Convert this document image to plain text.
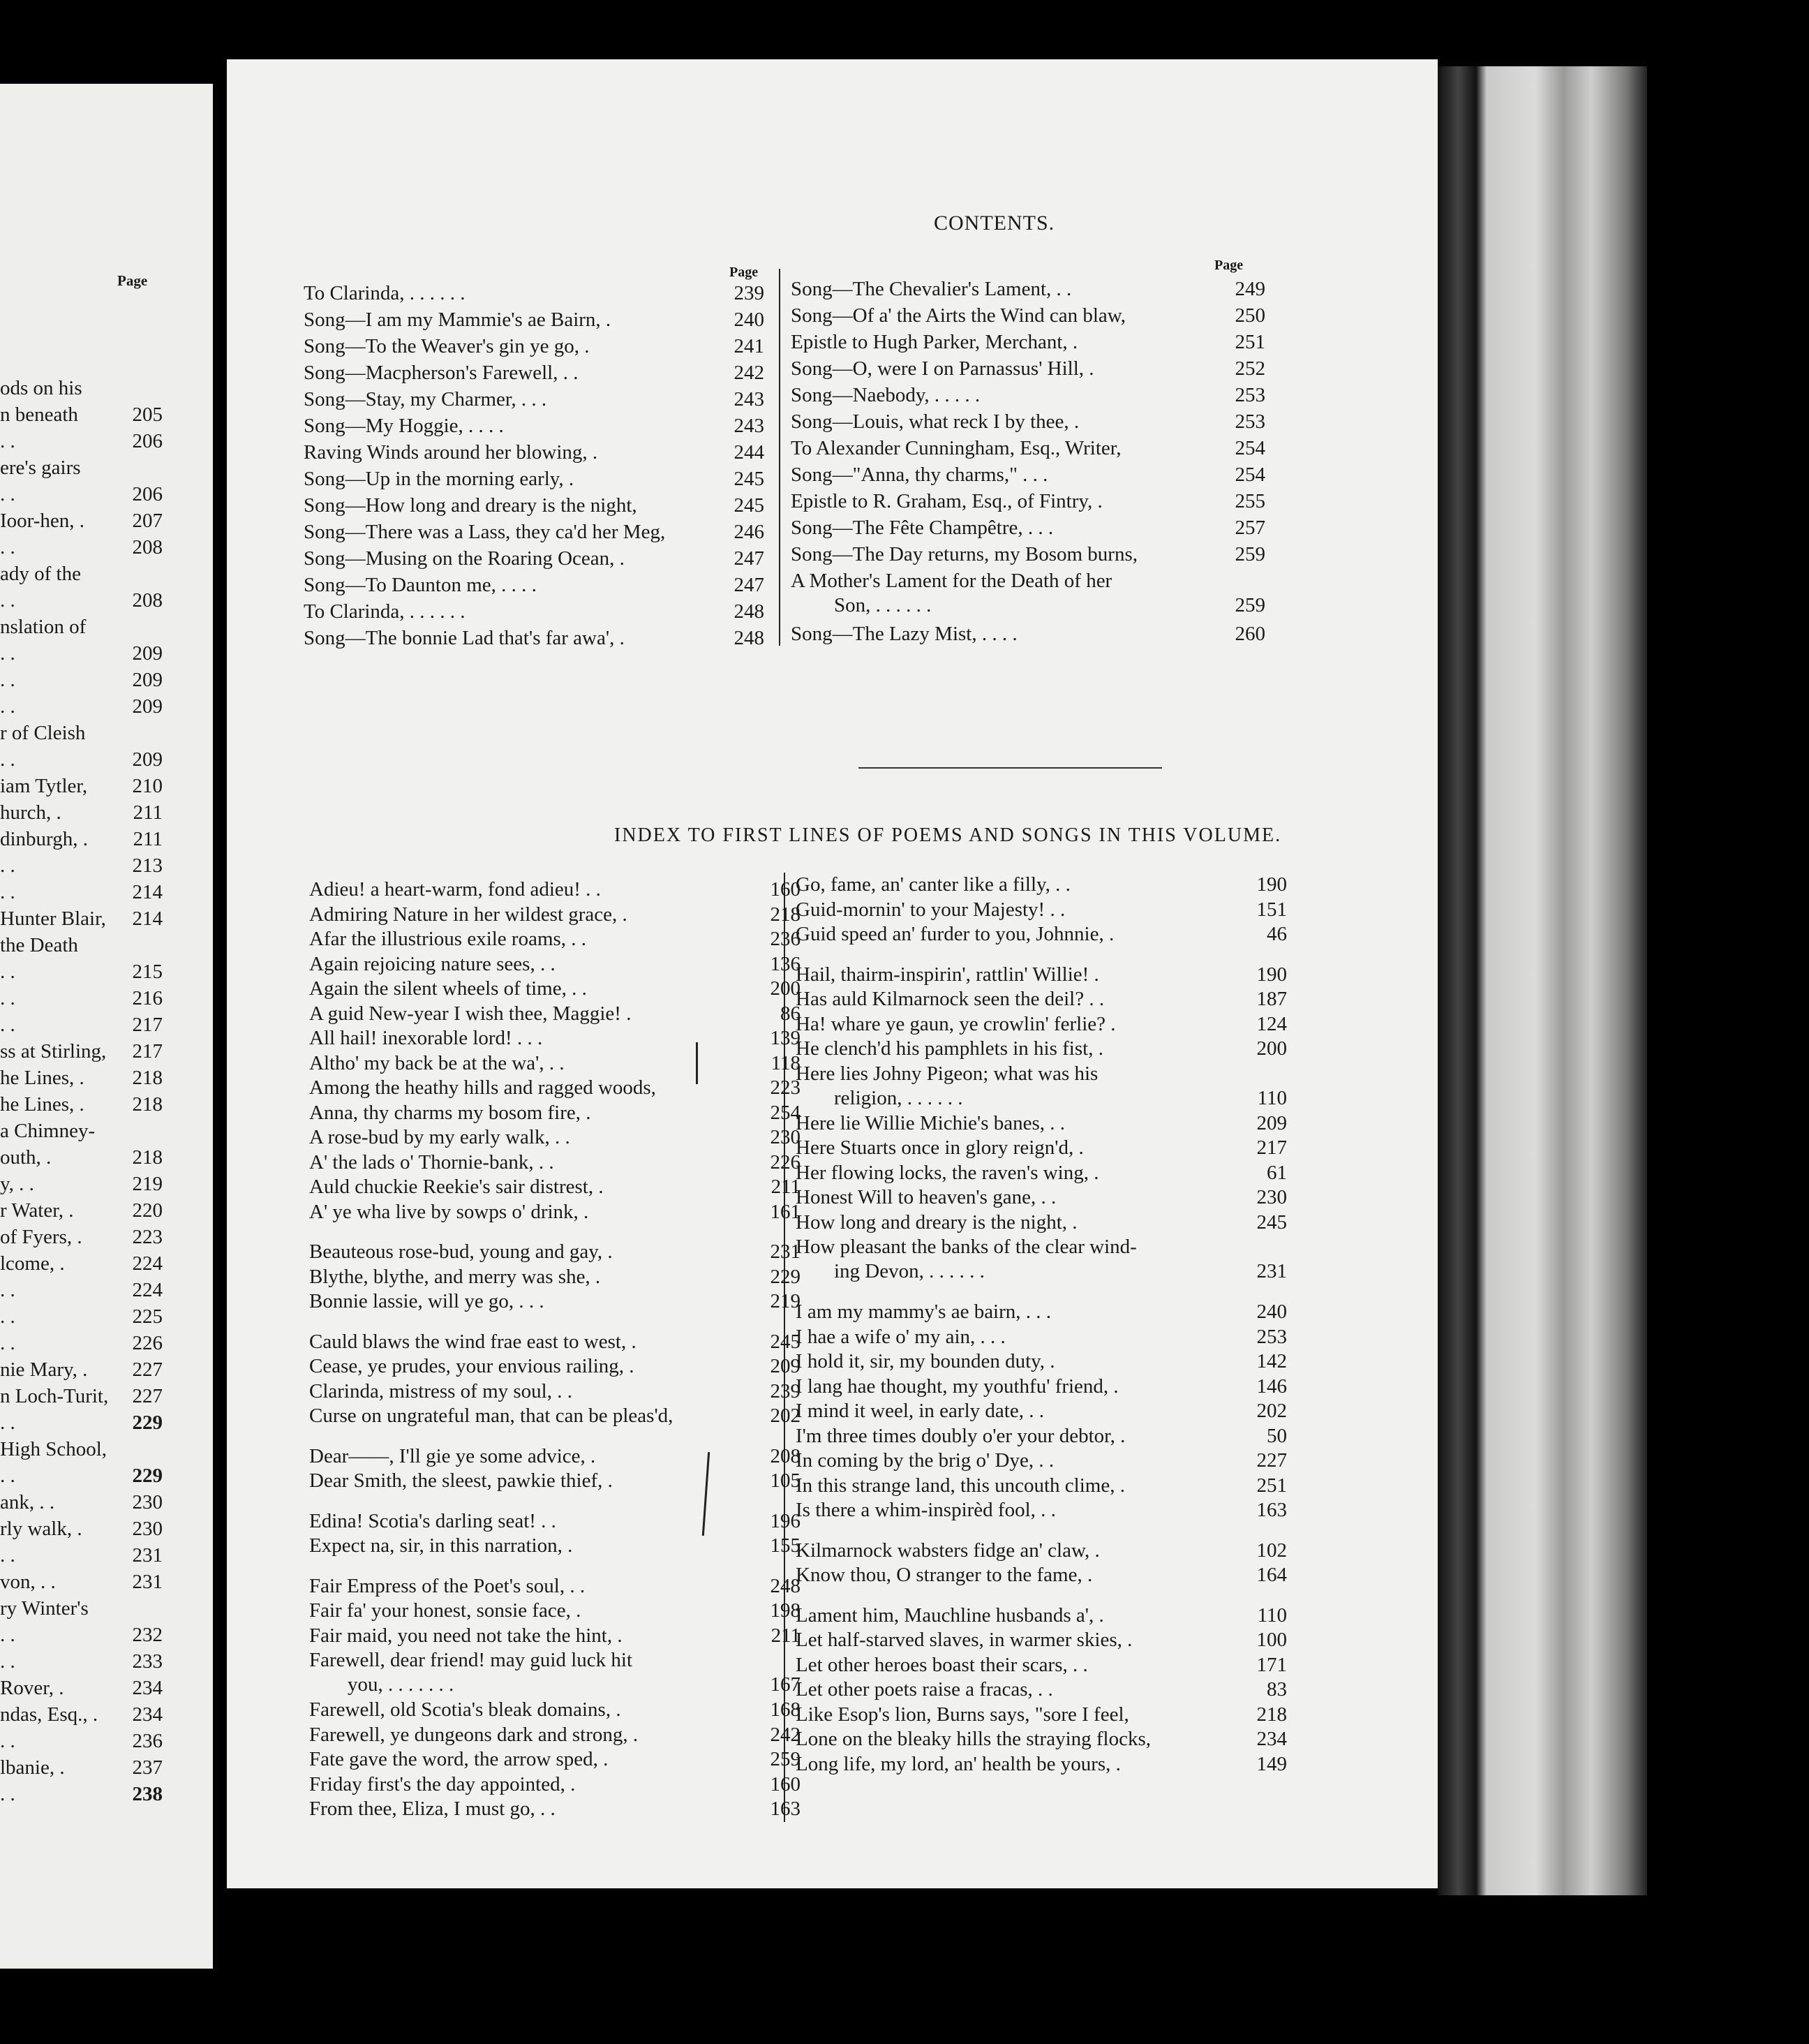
Page
ods on his
n beneath	205
. .	206
ere's gairs
. .	206
Ioor-hen, .	207
. .	208
ady of the
. .	208
nslation of
. .	209
. .	209
. .	209
r of Cleish
. .	209
iam Tytler,	210
hurch, .	211
dinburgh, .	211
. .	213
. .	214
Hunter Blair,	214
the Death
. .	215
. .	216
. .	217
ss at Stirling,	217
he Lines, .	218
he Lines, .	218
a Chimney-
outh, .	218
y, . .	219
r Water, .	220
of Fyers, .	223
lcome, .	224
. .	224
. .	225
. .	226
nie Mary, .	227
n Loch-Turit,	227
. .	229
High School,
. .	229
ank, . .	230
rly walk, .	230
. .	231
von, . .	231
ry Winter's
. .	232
. .	233
Rover, .	234
ndas, Esq., .	234
. .	236
lbanie, .	237
. .	238
CONTENTS.
Page	Page
To Clarinda, . . . . . .	239
Song—I am my Mammie's ae Bairn, .	240
Song—To the Weaver's gin ye go, .	241
Song—Macpherson's Farewell, . .	242
Song—Stay, my Charmer, . . .	243
Song—My Hoggie, . . . .	243
Raving Winds around her blowing, .	244
Song—Up in the morning early, .	245
Song—How long and dreary is the night,	245
Song—There was a Lass, they ca'd her Meg,	246
Song—Musing on the Roaring Ocean, .	247
Song—To Daunton me, . . . .	247
To Clarinda, . . . . . .	248
Song—The bonnie Lad that's far awa', .	248
Song—The Chevalier's Lament, . .	249
Song—Of a' the Airts the Wind can blaw,	250
Epistle to Hugh Parker, Merchant, .	251
Song—O, were I on Parnassus' Hill, .	252
Song—Naebody, . . . . .	253
Song—Louis, what reck I by thee, .	253
To Alexander Cunningham, Esq., Writer,	254
Song—"Anna, thy charms," . . .	254
Epistle to R. Graham, Esq., of Fintry, .	255
Song—The Fête Champêtre, . . .	257
Song—The Day returns, my Bosom burns,	259
A Mother's Lament for the Death of her
Son, . . . . . .	259
Song—The Lazy Mist, . . . .	260
INDEX TO FIRST LINES OF POEMS AND SONGS IN THIS VOLUME.
Adieu! a heart-warm, fond adieu! . .	160
Admiring Nature in her wildest grace, .	218
Afar the illustrious exile roams, . .	236
Again rejoicing nature sees, . .	136
Again the silent wheels of time, . .	200
A guid New-year I wish thee, Maggie! .	86
All hail! inexorable lord! . . .	139
Altho' my back be at the wa', . .	118
Among the heathy hills and ragged woods,	223
Anna, thy charms my bosom fire, .	254
A rose-bud by my early walk, . .	230
A' the lads o' Thornie-bank, . .	226
Auld chuckie Reekie's sair distrest, .	211
A' ye wha live by sowps o' drink, .	161
Beauteous rose-bud, young and gay, .	231
Blythe, blythe, and merry was she, .	229
Bonnie lassie, will ye go, . . .	219
Cauld blaws the wind frae east to west, .	245
Cease, ye prudes, your envious railing, .	209
Clarinda, mistress of my soul, . .	239
Curse on ungrateful man, that can be pleas'd,	202
Dear——, I'll gie ye some advice, .	208
Dear Smith, the sleest, pawkie thief, .	105
Edina! Scotia's darling seat! . .	196
Expect na, sir, in this narration, .	155
Fair Empress of the Poet's soul, . .	248
Fair fa' your honest, sonsie face, .	198
Fair maid, you need not take the hint, .	211
Farewell, dear friend! may guid luck hit
you, . . . . . . .	167
Farewell, old Scotia's bleak domains, .	168
Farewell, ye dungeons dark and strong, .	242
Fate gave the word, the arrow sped, .	259
Friday first's the day appointed, .	160
From thee, Eliza, I must go, . .	163
Go, fame, an' canter like a filly, . .	190
Guid-mornin' to your Majesty! . .	151
Guid speed an' furder to you, Johnnie, .	46
Hail, thairm-inspirin', rattlin' Willie! .	190
Has auld Kilmarnock seen the deil? . .	187
Ha! whare ye gaun, ye crowlin' ferlie? .	124
He clench'd his pamphlets in his fist, .	200
Here lies Johny Pigeon; what was his
religion, . . . . . .	110
Here lie Willie Michie's banes, . .	209
Here Stuarts once in glory reign'd, .	217
Her flowing locks, the raven's wing, .	61
Honest Will to heaven's gane, . .	230
How long and dreary is the night, .	245
How pleasant the banks of the clear wind-
ing Devon, . . . . . .	231
I am my mammy's ae bairn, . . .	240
I hae a wife o' my ain, . . .	253
I hold it, sir, my bounden duty, .	142
I lang hae thought, my youthfu' friend, .	146
I mind it weel, in early date, . .	202
I'm three times doubly o'er your debtor, .	50
In coming by the brig o' Dye, . .	227
In this strange land, this uncouth clime, .	251
Is there a whim-inspirèd fool, . .	163
Kilmarnock wabsters fidge an' claw, .	102
Know thou, O stranger to the fame, .	164
Lament him, Mauchline husbands a', .	110
Let half-starved slaves, in warmer skies, .	100
Let other heroes boast their scars, . .	171
Let other poets raise a fracas, . .	83
Like Esop's lion, Burns says, "sore I feel,	218
Lone on the bleaky hills the straying flocks,	234
Long life, my lord, an' health be yours, .	149
